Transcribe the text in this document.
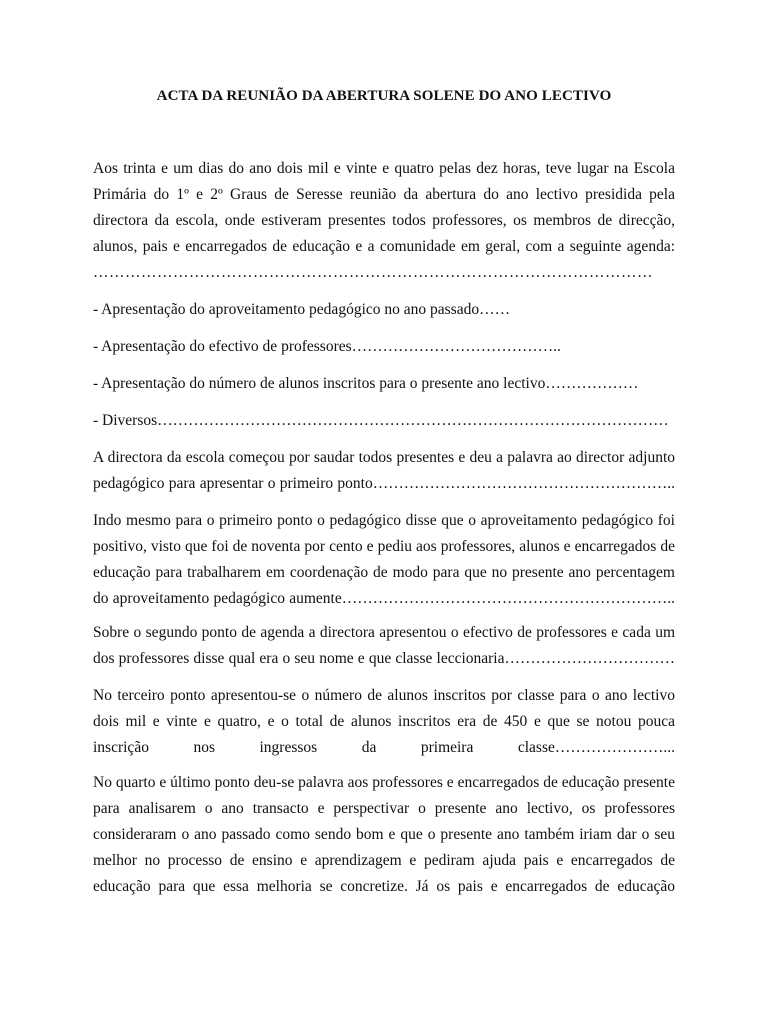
ACTA DA REUNIÃO DA ABERTURA SOLENE DO ANO LECTIVO

Aos trinta e um dias do ano dois mil e vinte e quatro pelas dez horas, teve lugar na Escola
Primária do 1º e 2º Graus de Seresse reunião da abertura do ano lectivo presidida pela
directora da escola, onde estiveram presentes todos professores, os membros de direcção,
alunos, pais e encarregados de educação e a comunidade em geral, com a seguinte agenda:
……………………………………………………………………………………………

- Apresentação do aproveitamento pedagógico no ano passado……

- Apresentação do efectivo de professores…………………………………..

- Apresentação do número de alunos inscritos para o presente ano lectivo………………

- Diversos………………………………………………………………………………………

A directora da escola começou por saudar todos presentes e deu a palavra ao director adjunto
pedagógico para apresentar o primeiro ponto…………………………………………………..

Indo mesmo para o primeiro ponto o pedagógico disse que o aproveitamento pedagógico foi
positivo, visto que foi de noventa por cento e pediu aos professores, alunos e encarregados de
educação para trabalharem em coordenação de modo para que no presente ano percentagem
do aproveitamento pedagógico aumente………………………………………………………..

Sobre o segundo ponto de agenda a directora apresentou o efectivo de professores e cada um
dos professores disse qual era o seu nome e que classe leccionaria……………………………

No terceiro ponto apresentou-se o número de alunos inscritos por classe para o ano lectivo
dois mil e vinte e quatro, e o total de alunos inscritos era de 450 e que se notou pouca
inscrição nos ingressos da primeira classe…………………...

No quarto e último ponto deu-se palavra aos professores e encarregados de educação presente
para analisarem o ano transacto e perspectivar o presente ano lectivo, os professores
consideraram o ano passado como sendo bom e que o presente ano também iriam dar o seu
melhor no processo de ensino e aprendizagem e pediram ajuda pais e encarregados de
educação para que essa melhoria se concretize. Já os pais e encarregados de educação
